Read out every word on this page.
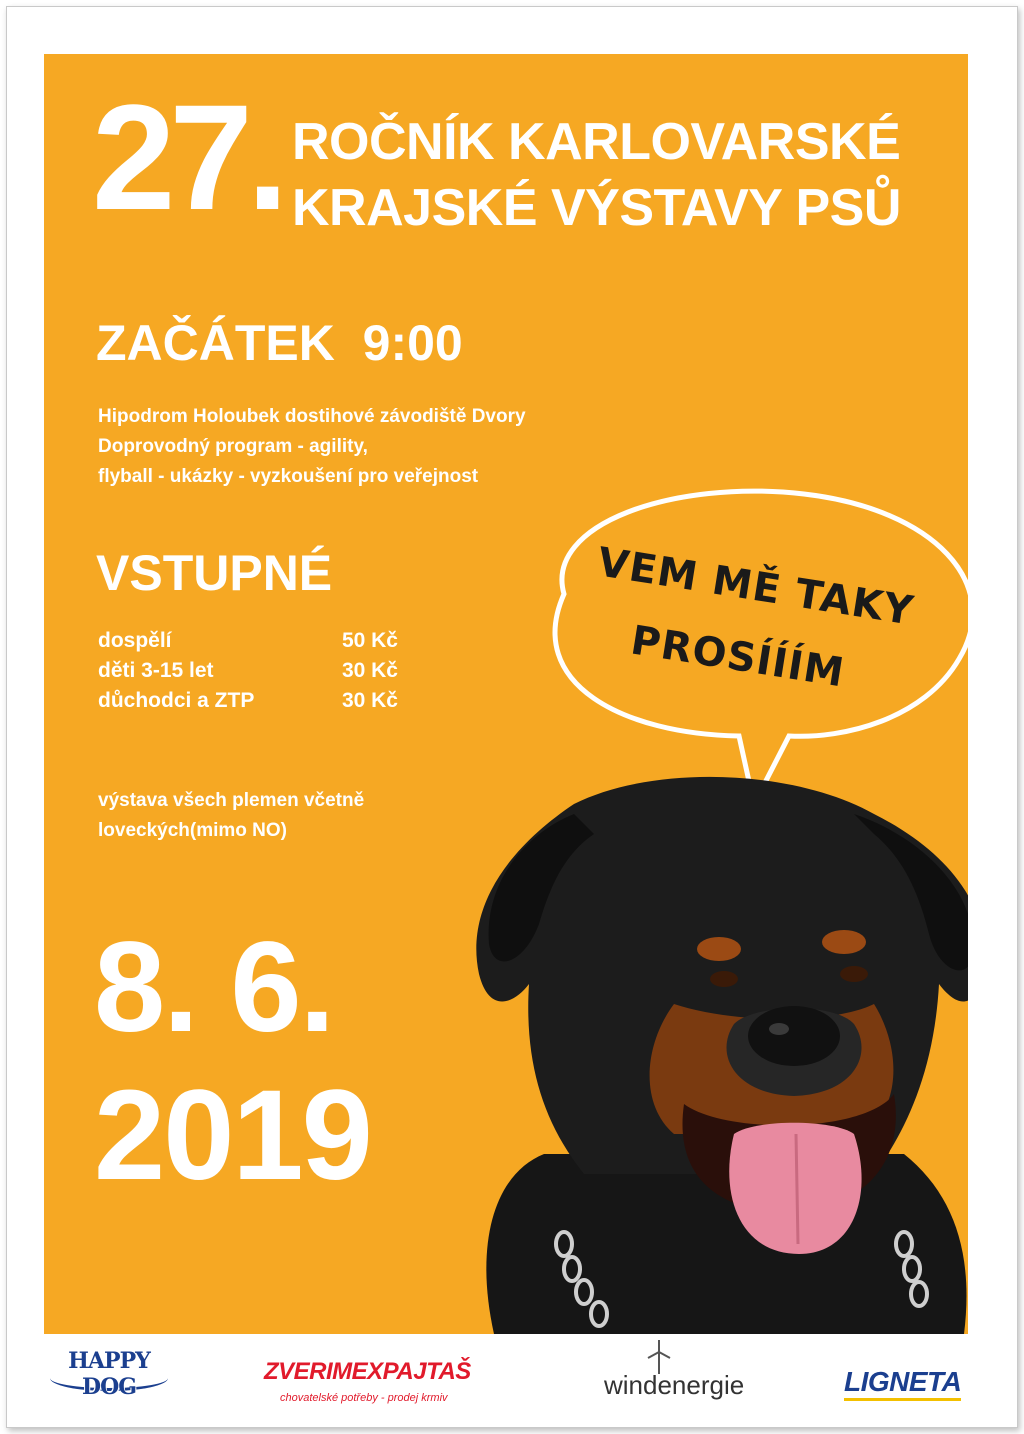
27. ROČNÍK KARLOVARSKÉ
KRAJSKÉ VÝSTAVY PSŮ
ZAČÁTEK  9:00
Hipodrom Holoubek dostihové závodiště Dvory
Doprovodný program - agility,
flyball - ukázky - vyzkoušení pro veřejnost
VSTUPNÉ
dospělí	50 Kč
děti 3-15 let	30 Kč
důchodci a ZTP	30 Kč
výstava všech plemen včetně
loveckých(mimo NO)
8. 6.
2019
VEM MĚ TAKY
PROSÍÍÍM
HAPPY DOG
ZVERIMEXPAJTAŠ
chovatelské potřeby - prodej krmiv	windenergie	LIGNETA
